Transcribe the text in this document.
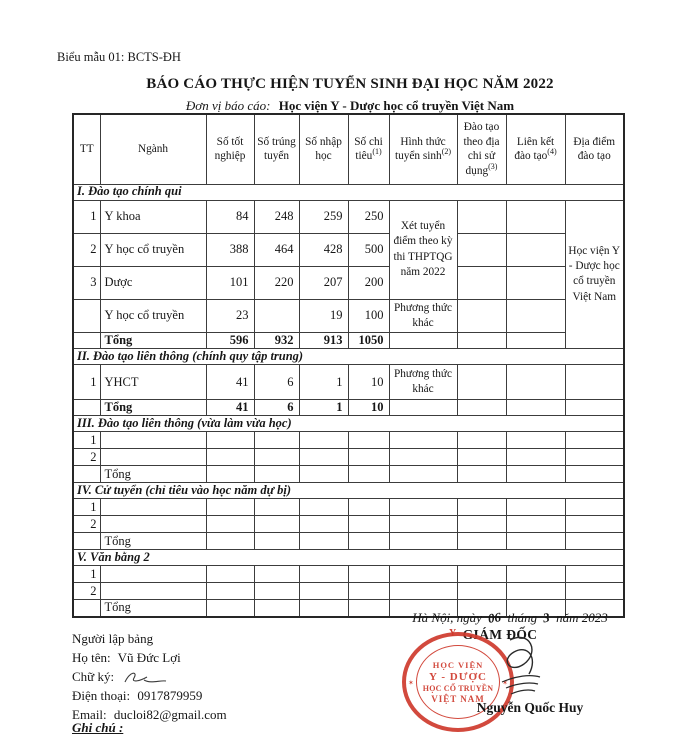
Biểu mẫu 01: BCTS-ĐH
BÁO CÁO THỰC HIỆN TUYỂN SINH ĐẠI HỌC NĂM 2022
Đơn vị báo cáo: Học viện Y - Dược học cổ truyền Việt Nam
TT	Ngành	Số tốt nghiệp	Số trúng tuyển	Số nhập học	Số chi tiêu$^{(1)}$	Hình thức tuyển $\sinh^{(2)}$	Đào tạo theo địa chi sử dụng$^{(3)}$	Liên kết đào tạo$^{(4)}$	Địa điểm đào tạo
I. Đào tạo chính qui									
1	Y khoa	84	248	259	250	Xét tuyển điểm theo kỳ thi THPTQG năm 2022			Học viện Y - Dược học cổ truyền Việt Nam
2	Y học cổ truyền	388	464	428	500				
3	Dược	101	220	207	200				
	Y học cổ truyền	23		19	100	Phương thức khác			
	Tổng	596	932	913	1050				
II. Đào tạo liên thông (chính quy tập trung)									
1	YHCT	41	6	1	10	Phương thức khác			
	Tổng	41	6	1	10				
III. Đào tạo liên thông (vừa làm vừa học)									
1									
2									
	Tổng								
IV. Cử tuyển (chỉ tiêu vào học năm dự bị)									
1									
2									
	Tổng								
V. Văn bằng 2									
1									
2									
	Tổng								
Hà Nội, ngày 06 tháng 3 năm 2023
Y GIÁM ĐỐC
✶	✶
HỌC VIỆN
Y - DƯỢC
HỌC CỔ TRUYỀN
VIỆT NAM
Nguyễn Quốc Huy
Người lập bảng
Họ tên: Vũ Đức Lợi
Chữ ký:
Điện thoại: 0917879959
Email: ducloi82@gmail.com
Ghi chú :
